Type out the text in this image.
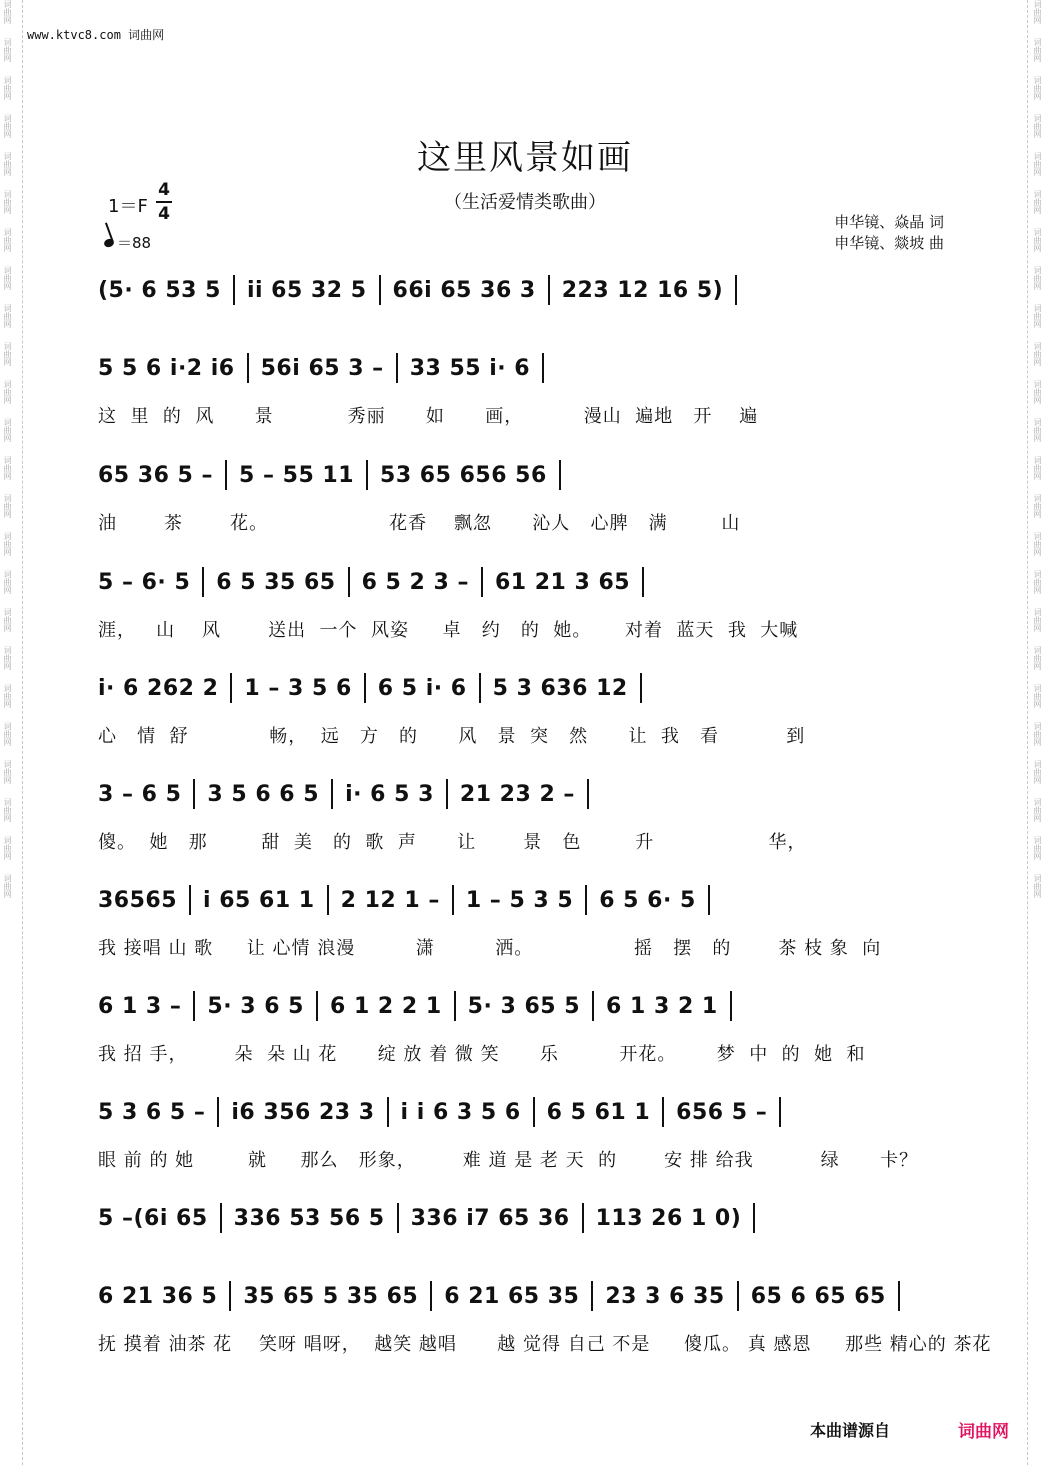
词曲网
词曲网
词曲网
词曲网
词曲网
词曲网
词曲网
词曲网
词曲网
词曲网
词曲网
词曲网
词曲网
词曲网
词曲网
词曲网
词曲网
词曲网
词曲网
词曲网
词曲网
词曲网
词曲网
词曲网
词曲网
词曲网
词曲网
词曲网
词曲网
词曲网
词曲网
词曲网
词曲网
词曲网
词曲网
词曲网
词曲网
词曲网
词曲网
词曲网
词曲网
词曲网
词曲网
词曲网
词曲网
词曲网
词曲网
词曲网
www.ktvc8.com 词曲网
这里风景如画
（生活爱情类歌曲）
1＝F
4
4
＝88
申华镜、焱晶 词
申华镜、燚坡 曲
(5· 6 53 5 ii 65 32 5 66i 65 36 3 223 12 16 5)
5 5 6 i·2 i6 56i 65 3 – 33 55 i· 6
这  里  的  风      景           秀丽      如      画，         漫山  遍地   开    遍
65 36 5 – 5 – 55 11 53 65 656 56
油       茶       花。                  花香    飘忽      沁人   心脾   满        山
5 – 6· 5 6 5 35 65 6 5 2 3 – 61 21 3 65
涯，   山    风       送出  一个  风姿     卓   约   的  她。     对着  蓝天  我  大喊
i· 6 262 2 1 – 3 5 6 6 5 i· 6 5 3 636 12
心   情  舒            畅，  远   方   的      风   景  突   然      让  我   看          到
3 – 6 5 3 5 6 6 5 i· 6 5 3 21 23 2 –
傻。  她   那        甜  美   的  歌  声      让       景   色        升                 华，
36565 i 65 61 1 2 12 1 – 1 – 5 3 5 6 5 6· 5
我 接唱 山 歌     让 心情 浪漫         潇         洒。               摇   摆   的       茶 枝 象  向
6 1 3 – 5· 3 6 5 6 1 2 2 1 5· 3 65 5 6 1 3 2 1
我 招 手，       朵  朵 山 花      绽 放 着 微 笑      乐         开花。      梦  中  的  她  和
5 3 6 5 – i6 356 23 3 i i 6 3 5 6 6 5 61 1 656 5 –
眼 前 的 她        就     那么   形象，       难 道 是 老 天  的       安 排 给我          绿      卡？
5 –(6i 65 336 53 56 5 336 i7 65 36 113 26 1 0)
6 21 36 5 35 65 5 35 65 6 21 65 35 23 3 6 35 65 6 65 65
抚 摸着 油茶 花    笑呀 唱呀，  越笑 越唱      越 觉得 自己 不是     傻瓜。 真 感恩     那些 精心的 茶花
本曲谱源自	词曲网
